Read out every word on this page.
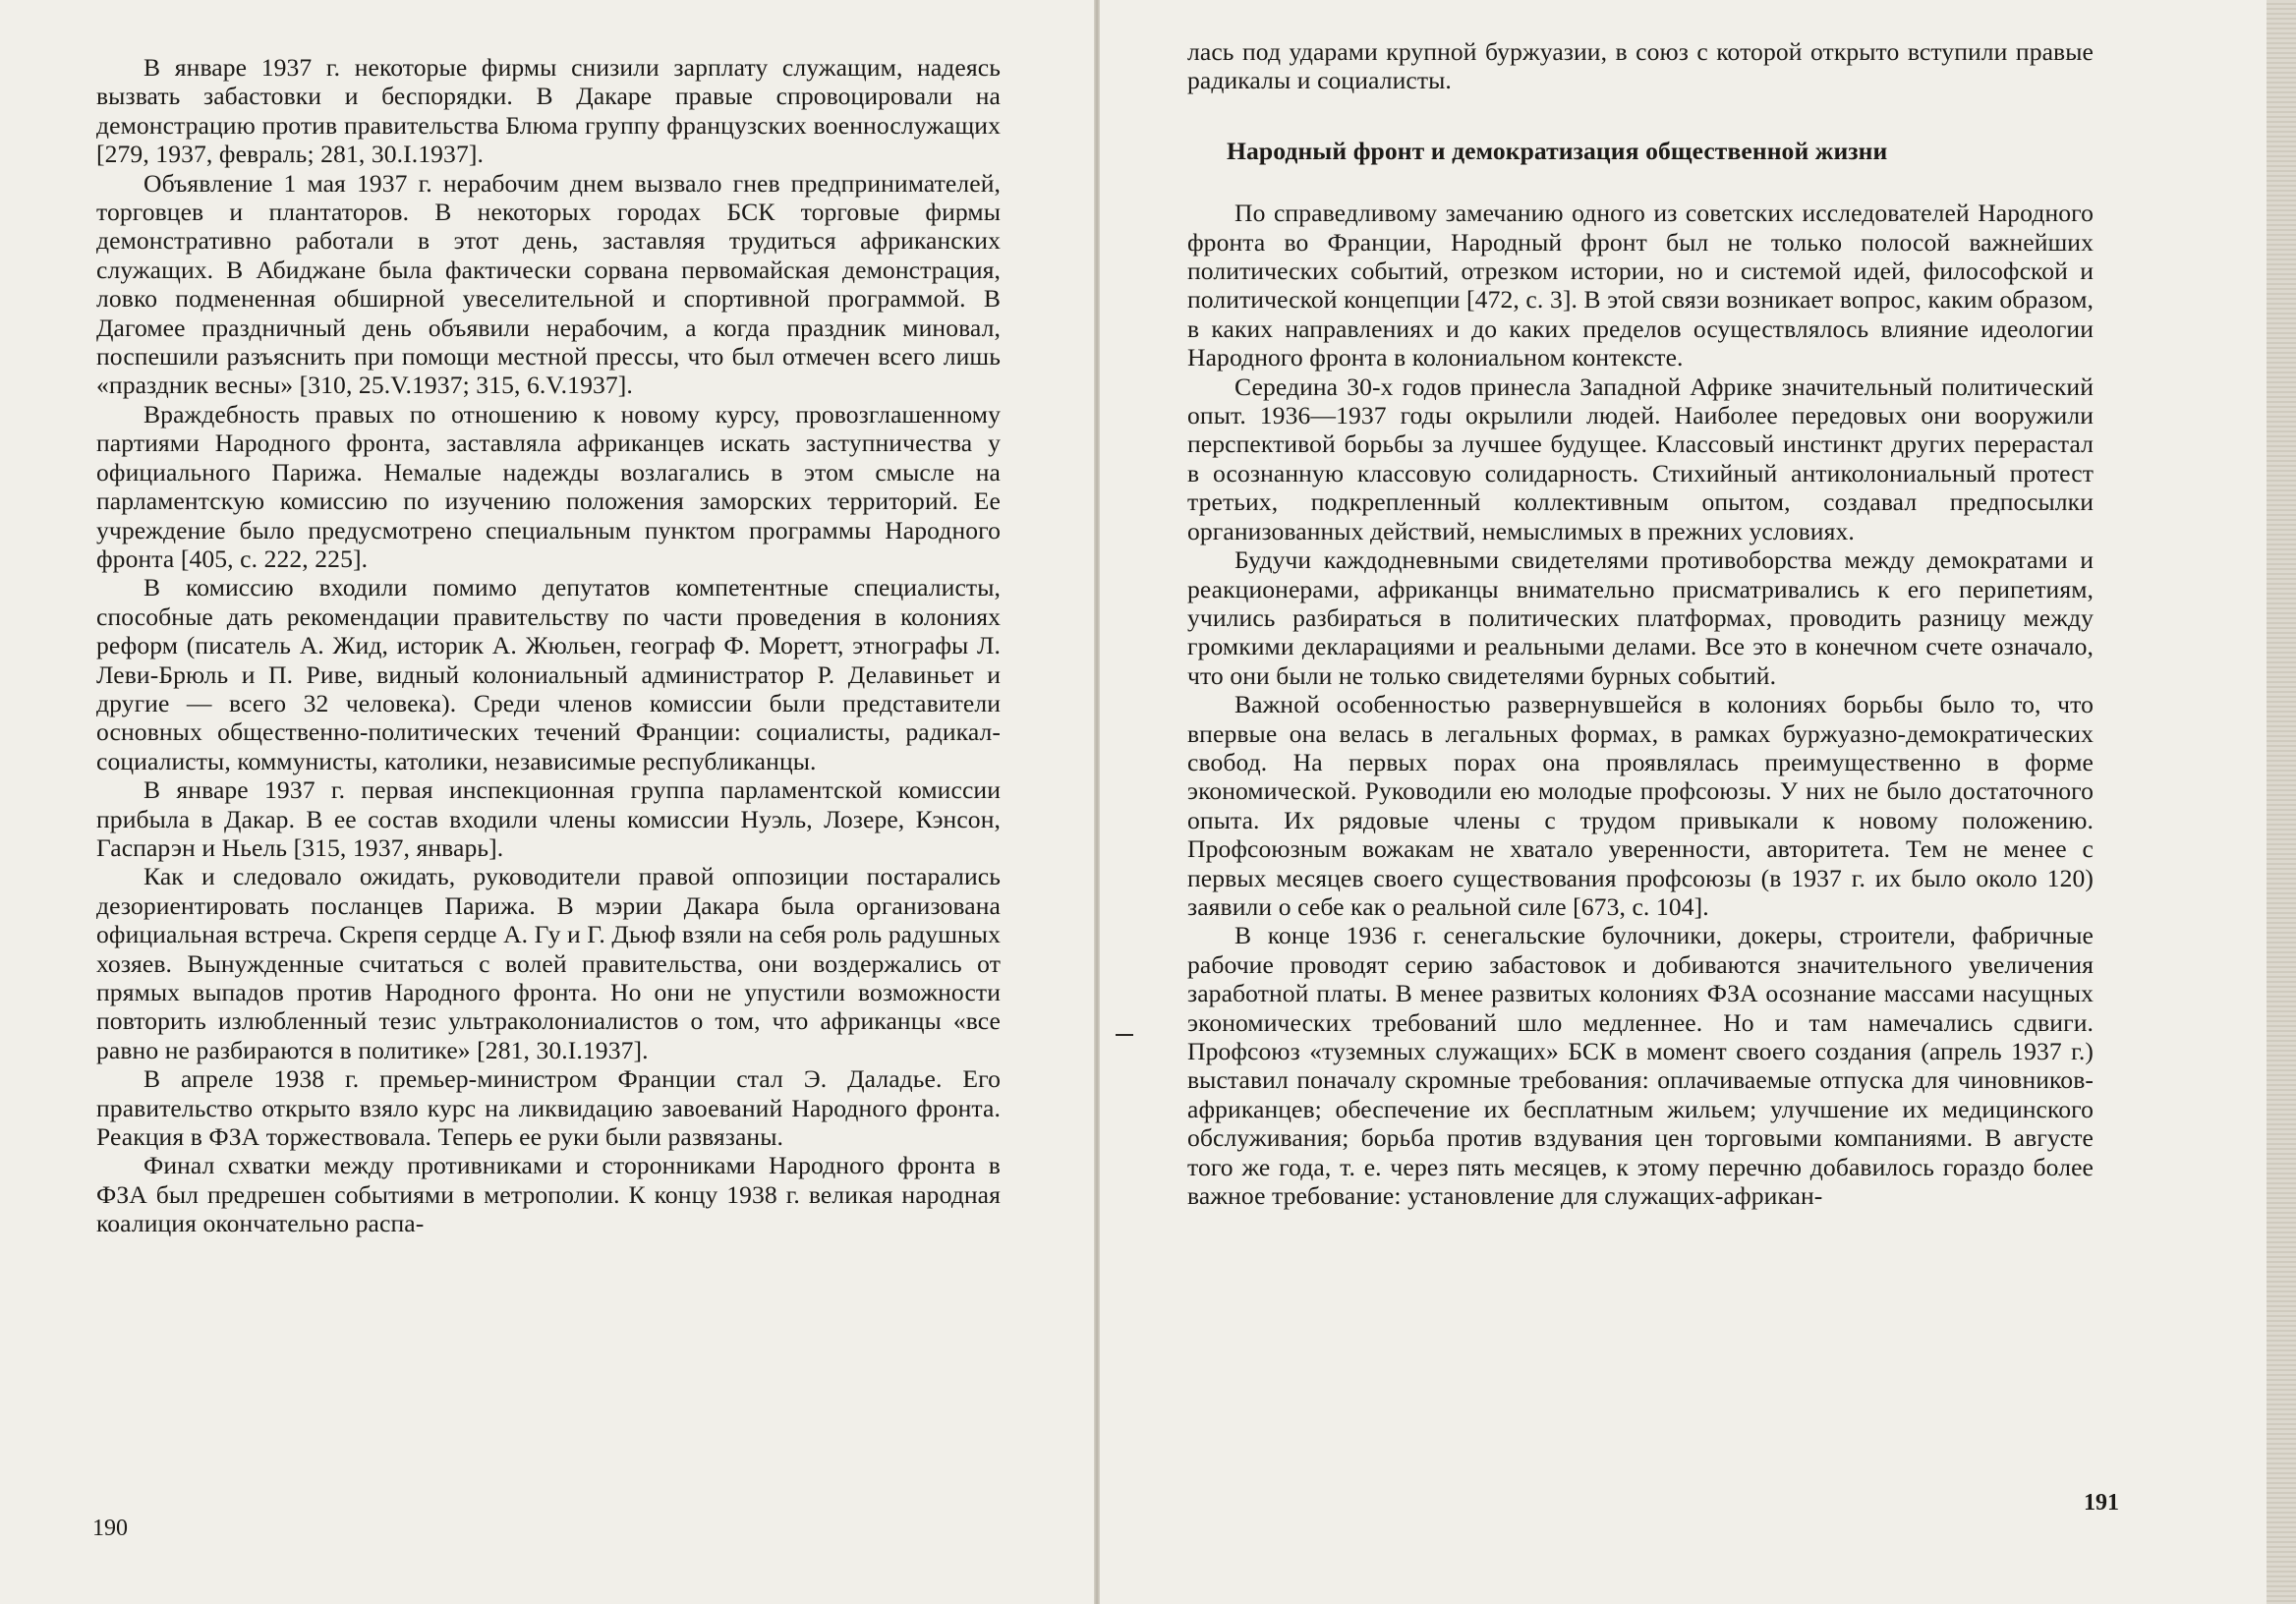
В январе 1937 г. некоторые фирмы снизили зарплату служащим, надеясь вызвать забастовки и беспорядки. В Дакаре правые спровоцировали на демонстрацию против правительства Блюма группу французских военнослужащих [279, 1937, февраль; 281, 30.I.1937].

Объявление 1 мая 1937 г. нерабочим днем вызвало гнев предпринимателей, торговцев и плантаторов. В некоторых городах БСК торговые фирмы демонстративно работали в этот день, заставляя трудиться африканских служащих. В Абиджане была фактически сорвана первомайская демонстрация, ловко подмененная обширной увеселительной и спортивной программой. В Дагомее праздничный день объявили нерабочим, а когда праздник миновал, поспешили разъяснить при помощи местной прессы, что был отмечен всего лишь «праздник весны» [310, 25.V.1937; 315, 6.V.1937].

Враждебность правых по отношению к новому курсу, провозглашенному партиями Народного фронта, заставляла африканцев искать заступничества у официального Парижа. Немалые надежды возлагались в этом смысле на парламентскую комиссию по изучению положения заморских территорий. Ее учреждение было предусмотрено специальным пунктом программы Народного фронта [405, с. 222, 225].

В комиссию входили помимо депутатов компетентные специалисты, способные дать рекомендации правительству по части проведения в колониях реформ (писатель А. Жид, историк А. Жюльен, географ Ф. Моретт, этнографы Л. Леви-Брюль и П. Риве, видный колониальный администратор Р. Делавиньет и другие — всего 32 человека). Среди членов комиссии были представители основных общественно-политических течений Франции: социалисты, радикал-социалисты, коммунисты, католики, независимые республиканцы.

В январе 1937 г. первая инспекционная группа парламентской комиссии прибыла в Дакар. В ее состав входили члены комиссии Нуэль, Лозере, Кэнсон, Гаспарэн и Ньель [315, 1937, январь].

Как и следовало ожидать, руководители правой оппозиции постарались дезориентировать посланцев Парижа. В мэрии Дакара была организована официальная встреча. Скрепя сердце А. Гу и Г. Дьюф взяли на себя роль радушных хозяев. Вынужденные считаться с волей правительства, они воздержались от прямых выпадов против Народного фронта. Но они не упустили возможности повторить излюбленный тезис ультраколониалистов о том, что африканцы «все равно не разбираются в политике» [281, 30.I.1937].

В апреле 1938 г. премьер-министром Франции стал Э. Даладье. Его правительство открыто взяло курс на ликвидацию завоеваний Народного фронта. Реакция в ФЗА торжествовала. Теперь ее руки были развязаны.

Финал схватки между противниками и сторонниками Народного фронта в ФЗА был предрешен событиями в метрополии. К концу 1938 г. великая народная коалиция окончательно распа-

190

лась под ударами крупной буржуазии, в союз с которой открыто вступили правые радикалы и социалисты.

Народный фронт и демократизация общественной жизни

По справедливому замечанию одного из советских исследователей Народного фронта во Франции, Народный фронт был не только полосой важнейших политических событий, отрезком истории, но и системой идей, философской и политической концепции [472, с. 3]. В этой связи возникает вопрос, каким образом, в каких направлениях и до каких пределов осуществлялось влияние идеологии Народного фронта в колониальном контексте.

Середина 30-х годов принесла Западной Африке значительный политический опыт. 1936—1937 годы окрылили людей. Наиболее передовых они вооружили перспективой борьбы за лучшее будущее. Классовый инстинкт других перерастал в осознанную классовую солидарность. Стихийный антиколониальный протест третьих, подкрепленный коллективным опытом, создавал предпосылки организованных действий, немыслимых в прежних условиях.

Будучи каждодневными свидетелями противоборства между демократами и реакционерами, африканцы внимательно присматривались к его перипетиям, учились разбираться в политических платформах, проводить разницу между громкими декларациями и реальными делами. Все это в конечном счете означало, что они были не только свидетелями бурных событий.

Важной особенностью развернувшейся в колониях борьбы было то, что впервые она велась в легальных формах, в рамках буржуазно-демократических свобод. На первых порах она проявлялась преимущественно в форме экономической. Руководили ею молодые профсоюзы. У них не было достаточного опыта. Их рядовые члены с трудом привыкали к новому положению. Профсоюзным вожакам не хватало уверенности, авторитета. Тем не менее с первых месяцев своего существования профсоюзы (в 1937 г. их было около 120) заявили о себе как о реальной силе [673, с. 104].

В конце 1936 г. сенегальские булочники, докеры, строители, фабричные рабочие проводят серию забастовок и добиваются значительного увеличения заработной платы. В менее развитых колониях ФЗА осознание массами насущных экономических требований шло медленнее. Но и там намечались сдвиги. Профсоюз «туземных служащих» БСК в момент своего создания (апрель 1937 г.) выставил поначалу скромные требования: оплачиваемые отпуска для чиновников-африканцев; обеспечение их бесплатным жильем; улучшение их медицинского обслуживания; борьба против вздувания цен торговыми компаниями. В августе того же года, т. е. через пять месяцев, к этому перечню добавилось гораздо более важное требование: установление для служащих-африкан-

191
